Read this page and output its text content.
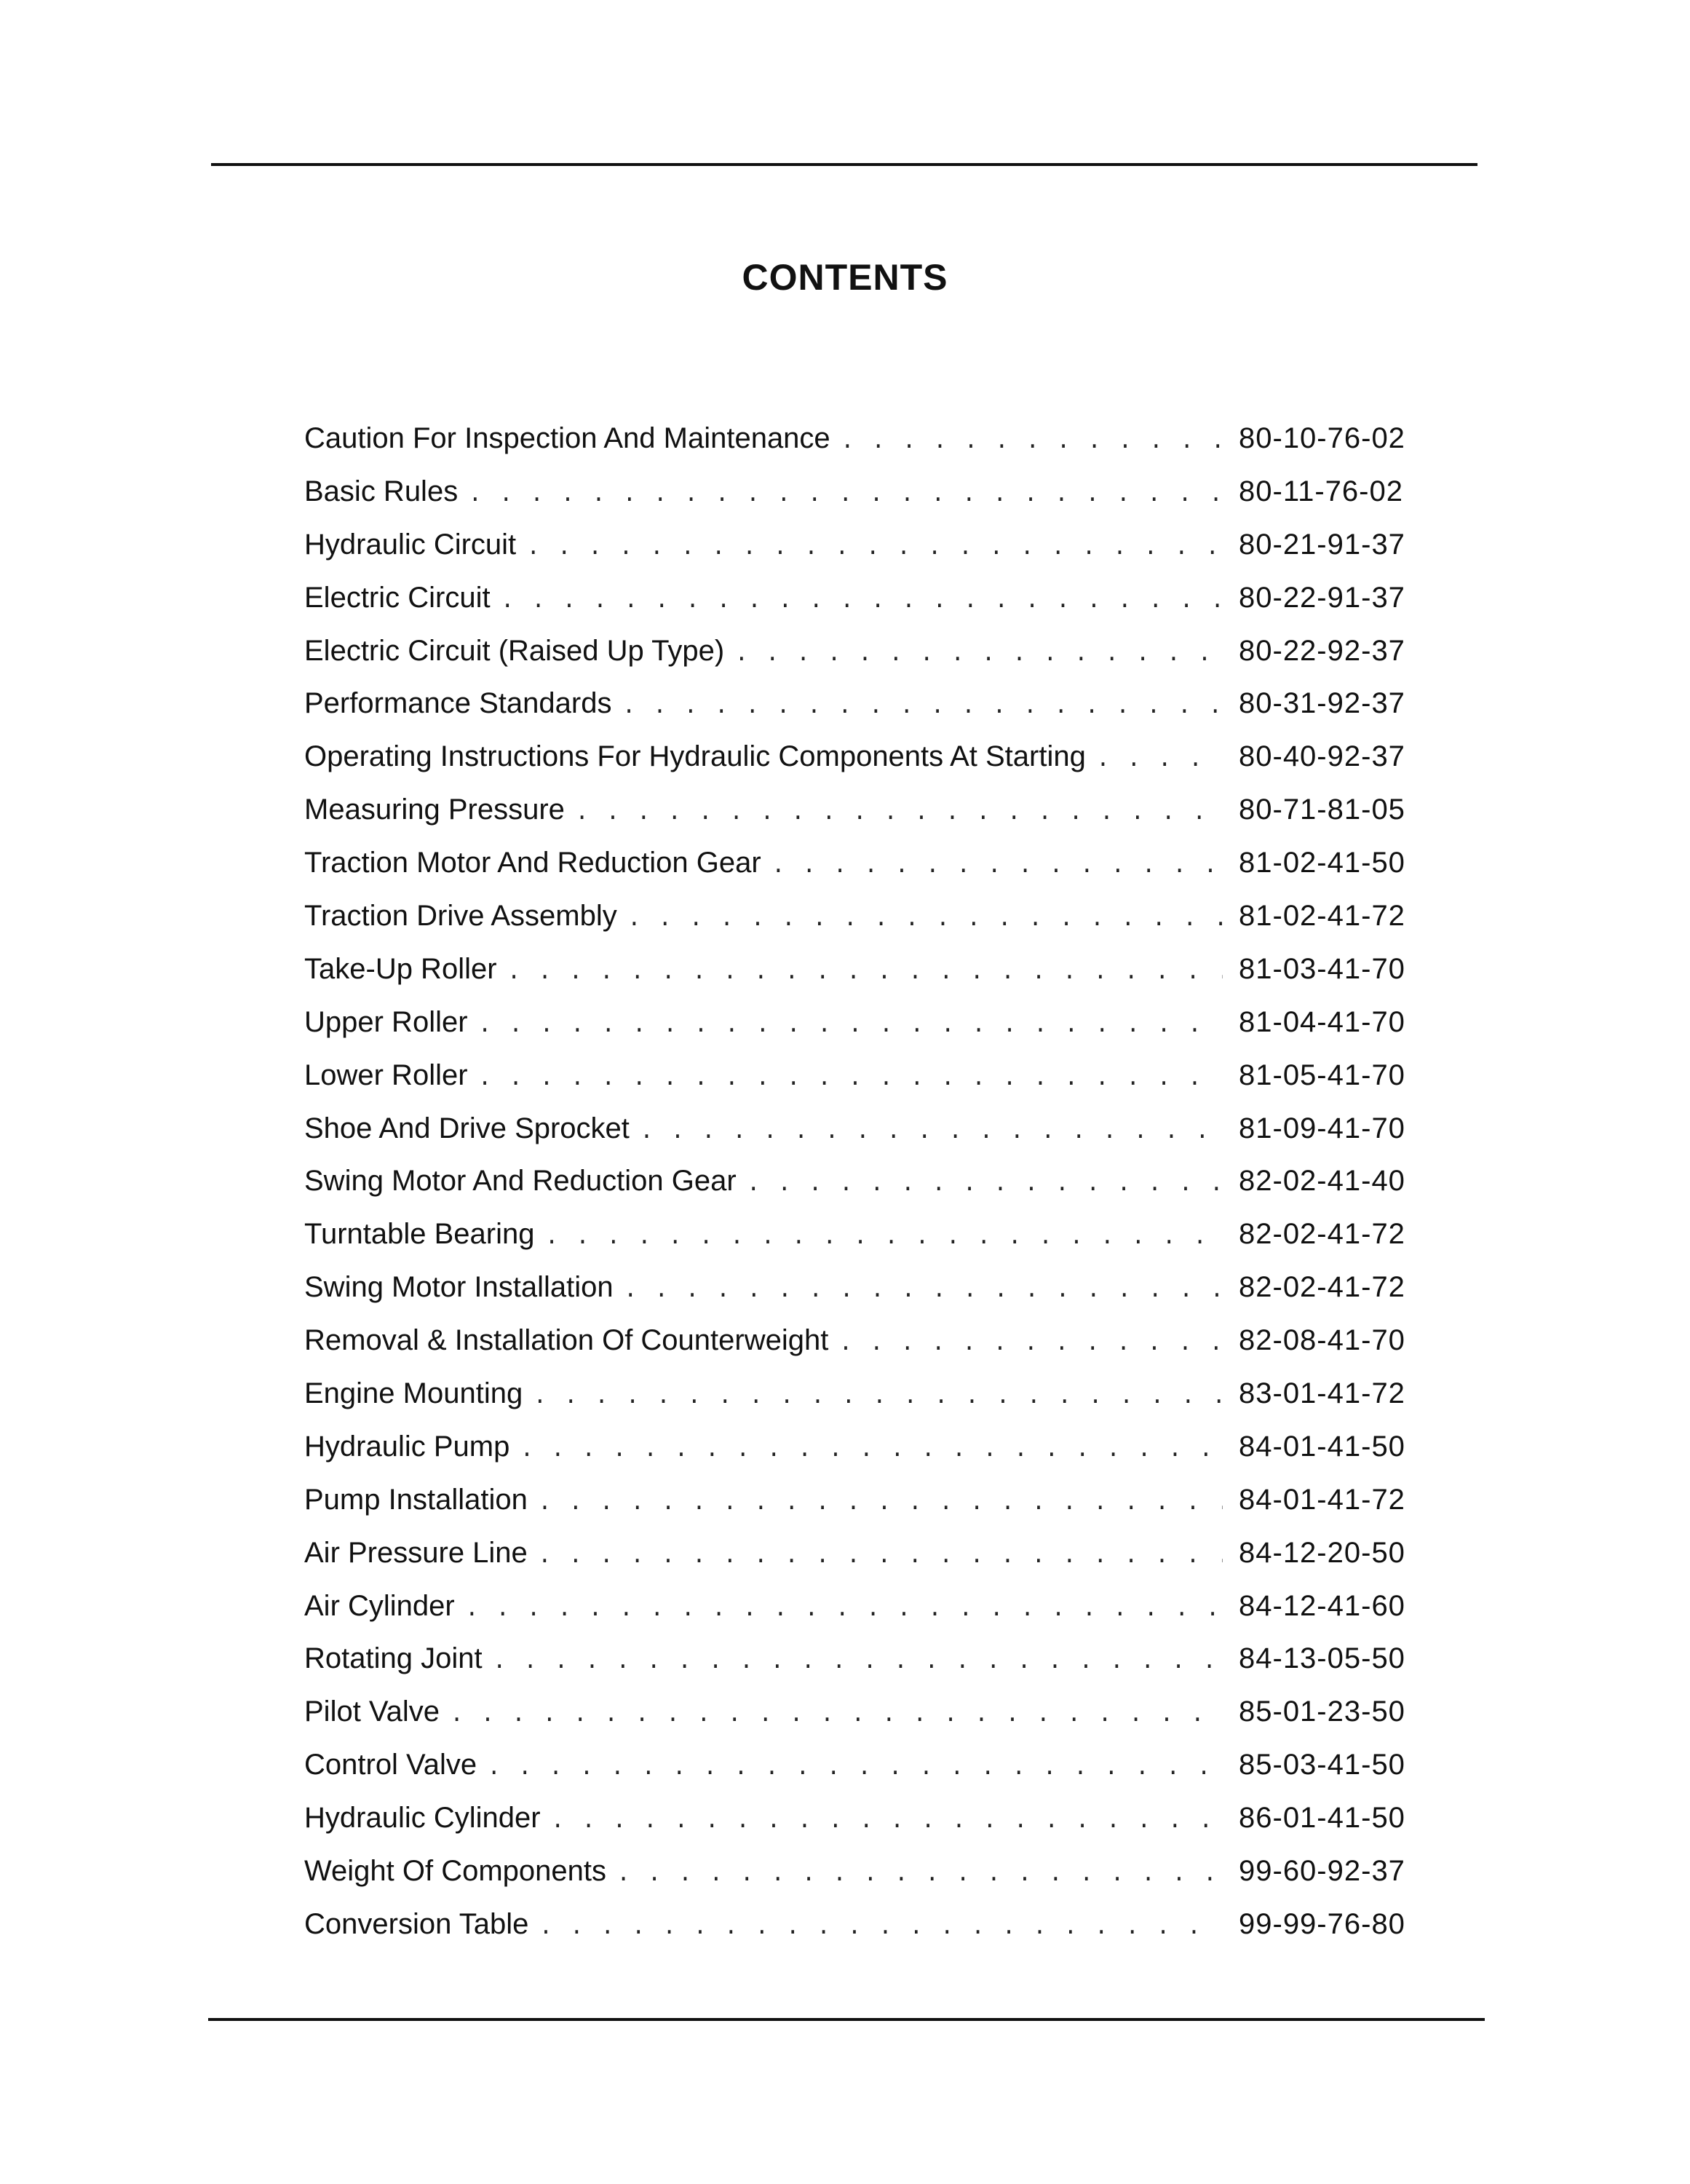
CONTENTS
Caution For Inspection And Maintenance . . .	80-10-76-02
Basic Rules . . .	80-11-76-02
Hydraulic Circuit . . .	80-21-91-37
Electric Circuit . . .	80-22-91-37
Electric Circuit (Raised Up Type) . . .	80-22-92-37
Performance Standards . . .	80-31-92-37
Operating Instructions For Hydraulic Components At Starting . . .	80-40-92-37
Measuring Pressure . . .	80-71-81-05
Traction Motor And Reduction Gear . . .	81-02-41-50
Traction Drive Assembly . . .	81-02-41-72
Take-Up Roller . . .	81-03-41-70
Upper Roller . . .	81-04-41-70
Lower Roller . . .	81-05-41-70
Shoe And Drive Sprocket . . .	81-09-41-70
Swing Motor And Reduction Gear . . .	82-02-41-40
Turntable Bearing . . .	82-02-41-72
Swing Motor Installation . . .	82-02-41-72
Removal & Installation Of Counterweight . . .	82-08-41-70
Engine Mounting . . .	83-01-41-72
Hydraulic Pump . . .	84-01-41-50
Pump Installation . . .	84-01-41-72
Air Pressure Line . . .	84-12-20-50
Air Cylinder . . .	84-12-41-60
Rotating Joint . . .	84-13-05-50
Pilot Valve . . .	85-01-23-50
Control Valve . . .	85-03-41-50
Hydraulic Cylinder . . .	86-01-41-50
Weight Of Components . . .	99-60-92-37
Conversion Table . . .	99-99-76-80
